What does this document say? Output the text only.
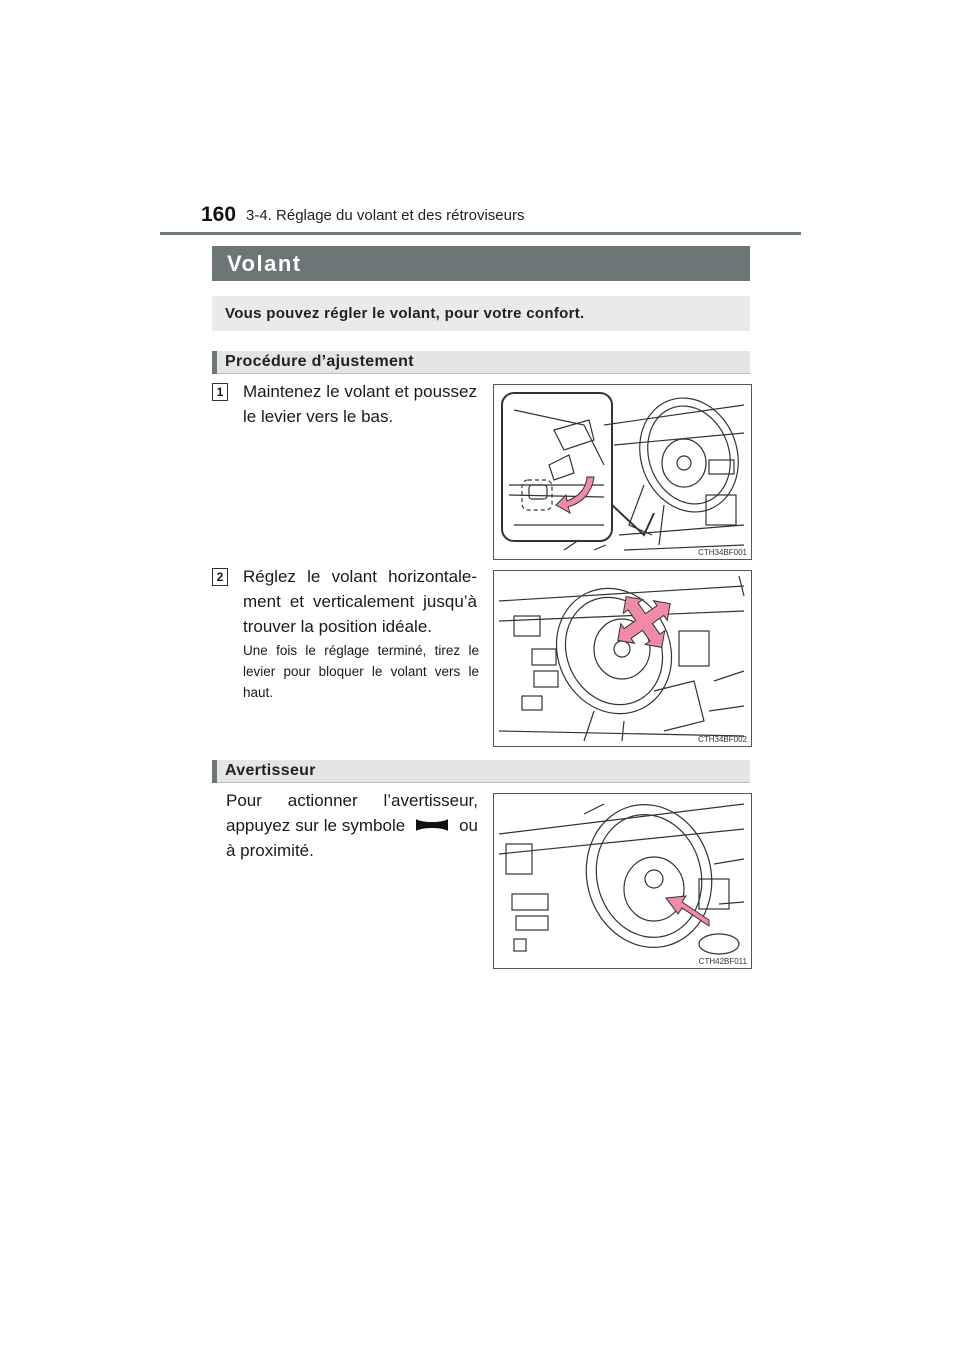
160 3-4. Réglage du volant et des rétroviseurs
Volant
Vous pouvez régler le volant, pour votre confort.
Procédure d’ajustement
1 Maintenez le volant et poussez le levier vers le bas.
CTH34BF001
2 Réglez le volant horizontale- ment et verticalement jusqu’à trouver la position idéale.
Une fois le réglage terminé, tirez le levier pour bloquer le volant vers le haut.
CTH34BF002
Avertisseur
Pour actionner l’avertisseur, appuyez sur le symbole	ou à proximité.
CTH42BF011
